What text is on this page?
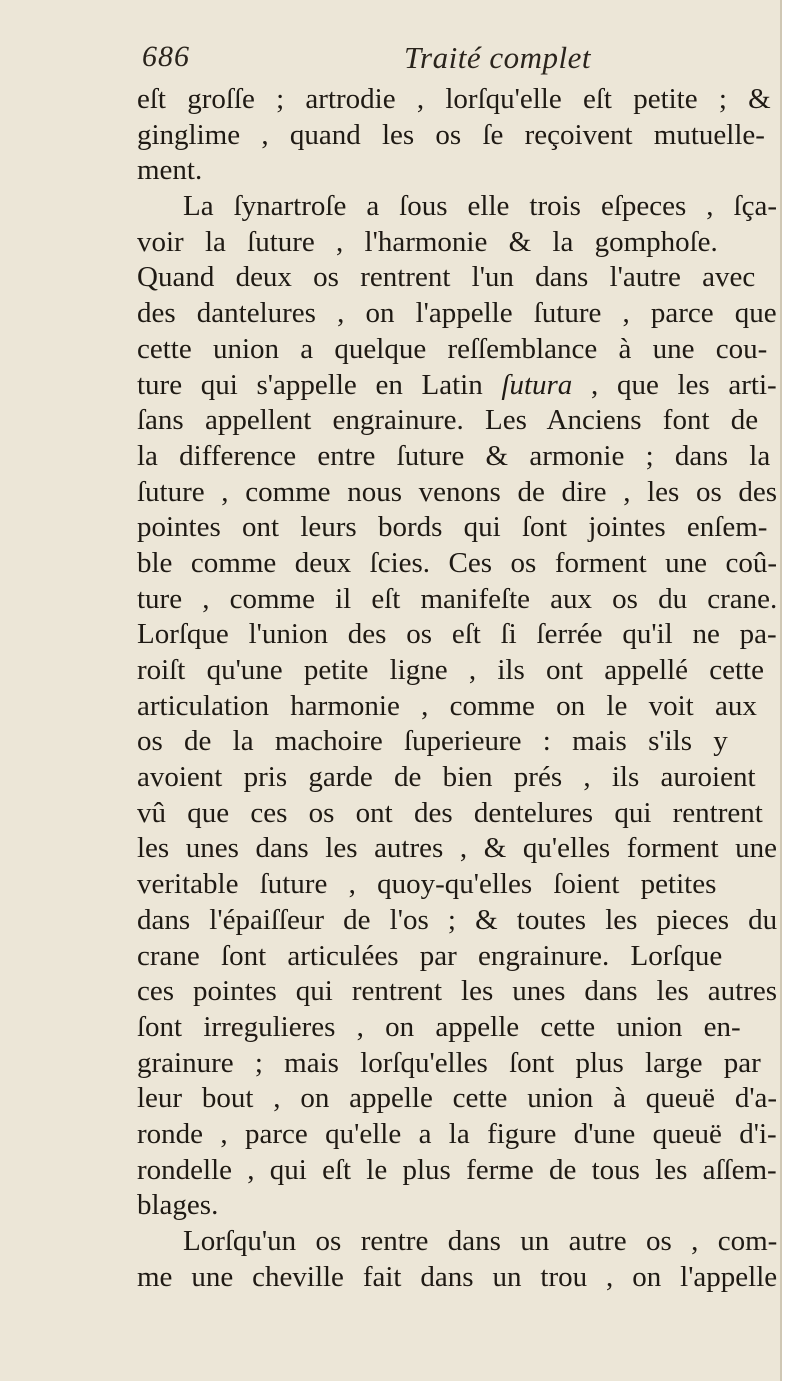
686	Traité complet
eſt groſſe ; artrodie , lorſqu'elle eſt petite ; &
ginglime , quand les os ſe reçoivent mutuelle-
ment.
La ſynartroſe a ſous elle trois eſpeces , ſça-
voir la ſuture , l'harmonie & la gomphoſe.
Quand deux os rentrent l'un dans l'autre avec
des dantelures , on l'appelle ſuture , parce que
cette union a quelque reſſemblance à une cou-
ture qui s'appelle en Latin ſutura , que les arti-
ſans appellent engrainure. Les Anciens font de
la difference entre ſuture & armonie ; dans la
ſuture , comme nous venons de dire , les os des
pointes ont leurs bords qui ſont jointes enſem-
ble comme deux ſcies. Ces os forment une coû-
ture , comme il eſt manifeſte aux os du crane.
Lorſque l'union des os eſt ſi ſerrée qu'il ne pa-
roiſt qu'une petite ligne , ils ont appellé cette
articulation harmonie , comme on le voit aux
os de la machoire ſuperieure : mais s'ils y
avoient pris garde de bien prés , ils auroient
vû que ces os ont des dentelures qui rentrent
les unes dans les autres , & qu'elles forment une
veritable ſuture , quoy-qu'elles ſoient petites
dans l'épaiſſeur de l'os ; & toutes les pieces du
crane ſont articulées par engrainure. Lorſque
ces pointes qui rentrent les unes dans les autres
ſont irregulieres , on appelle cette union en-
grainure ; mais lorſqu'elles ſont plus large par
leur bout , on appelle cette union à queuë d'a-
ronde , parce qu'elle a la figure d'une queuë d'i-
rondelle , qui eſt le plus ferme de tous les aſſem-
blages.
Lorſqu'un os rentre dans un autre os , com-
me une cheville fait dans un trou , on l'appelle
